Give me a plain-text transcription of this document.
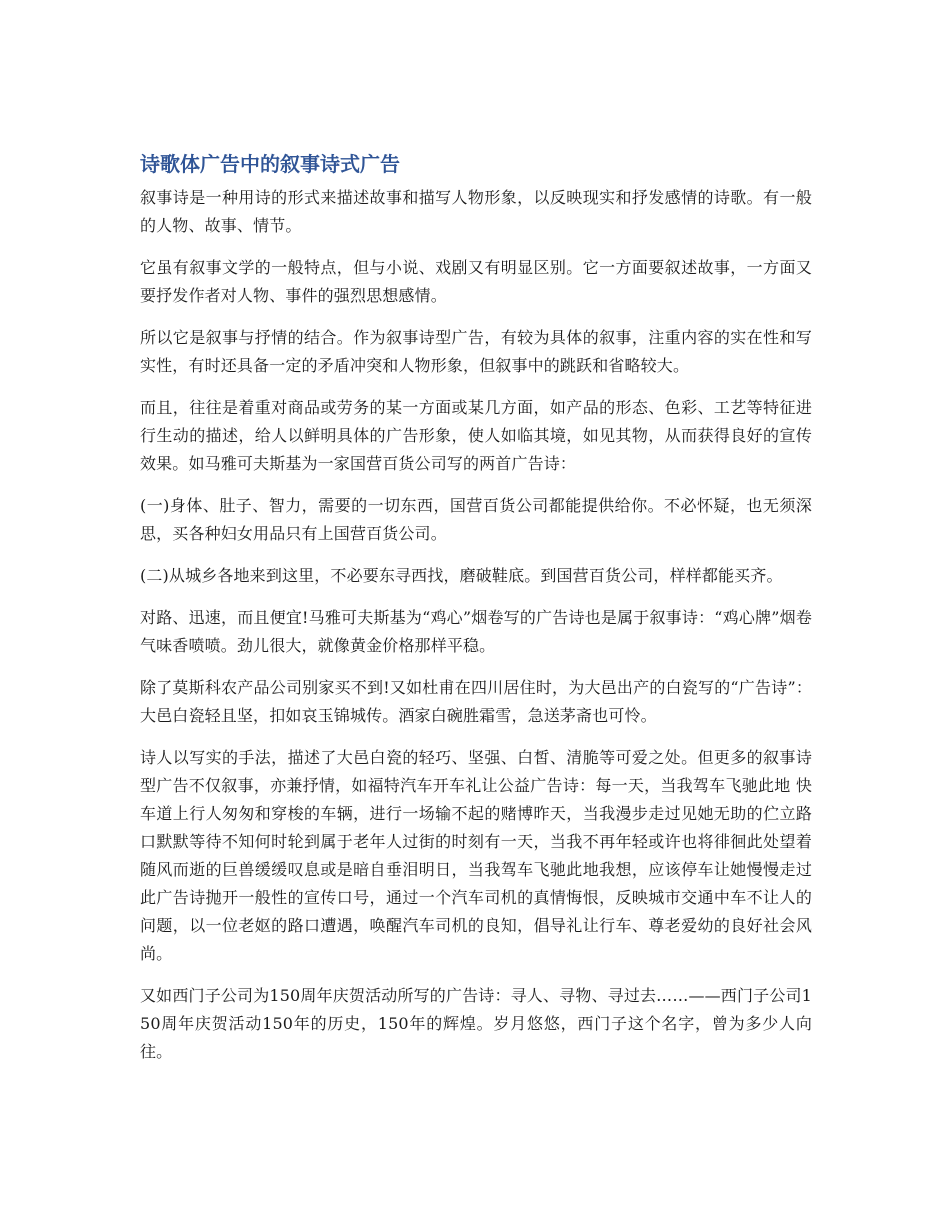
诗歌体广告中的叙事诗式广告

叙事诗是一种用诗的形式来描述故事和描写人物形象，以反映现实和抒发感情的诗歌。有一般的人物、故事、情节。

它虽有叙事文学的一般特点，但与小说、戏剧又有明显区别。它一方面要叙述故事，一方面又要抒发作者对人物、事件的强烈思想感情。

所以它是叙事与抒情的结合。作为叙事诗型广告，有较为具体的叙事，注重内容的实在性和写实性，有时还具备一定的矛盾冲突和人物形象，但叙事中的跳跃和省略较大。

而且，往往是着重对商品或劳务的某一方面或某几方面，如产品的形态、色彩、工艺等特征进行生动的描述，给人以鲜明具体的广告形象，使人如临其境，如见其物，从而获得良好的宣传效果。如马雅可夫斯基为一家国营百货公司写的两首广告诗：

(一)身体、肚子、智力，需要的一切东西，国营百货公司都能提供给你。不必怀疑，也无须深思，买各种妇女用品只有上国营百货公司。

(二)从城乡各地来到这里，不必要东寻西找，磨破鞋底。到国营百货公司，样样都能买齐。

对路、迅速，而且便宜!马雅可夫斯基为“鸡心”烟卷写的广告诗也是属于叙事诗：“鸡心牌”烟卷气味香喷喷。劲儿很大，就像黄金价格那样平稳。

除了莫斯科农产品公司别家买不到!又如杜甫在四川居住时，为大邑出产的白瓷写的“广告诗”：大邑白瓷轻且坚，扣如哀玉锦城传。酒家白碗胜霜雪，急送茅斋也可怜。

诗人以写实的手法，描述了大邑白瓷的轻巧、坚强、白皙、清脆等可爱之处。但更多的叙事诗型广告不仅叙事，亦兼抒情，如福特汽车开车礼让公益广告诗：每一天，当我驾车飞驰此地 快车道上行人匆匆和穿梭的车辆，进行一场输不起的赌博昨天，当我漫步走过见她无助的伫立路口默默等待不知何时轮到属于老年人过街的时刻有一天，当我不再年轻或许也将徘徊此处望着随风而逝的巨兽缓缓叹息或是暗自垂泪明日，当我驾车飞驰此地我想，应该停车让她慢慢走过　此广告诗抛开一般性的宣传口号，通过一个汽车司机的真情悔恨，反映城市交通中车不让人的问题，以一位老妪的路口遭遇，唤醒汽车司机的良知，倡导礼让行车、尊老爱幼的良好社会风尚。

又如西门子公司为150周年庆贺活动所写的广告诗：寻人、寻物、寻过去……——西门子公司150周年庆贺活动150年的历史，150年的辉煌。岁月悠悠，西门子这个名字，曾为多少人向往。
